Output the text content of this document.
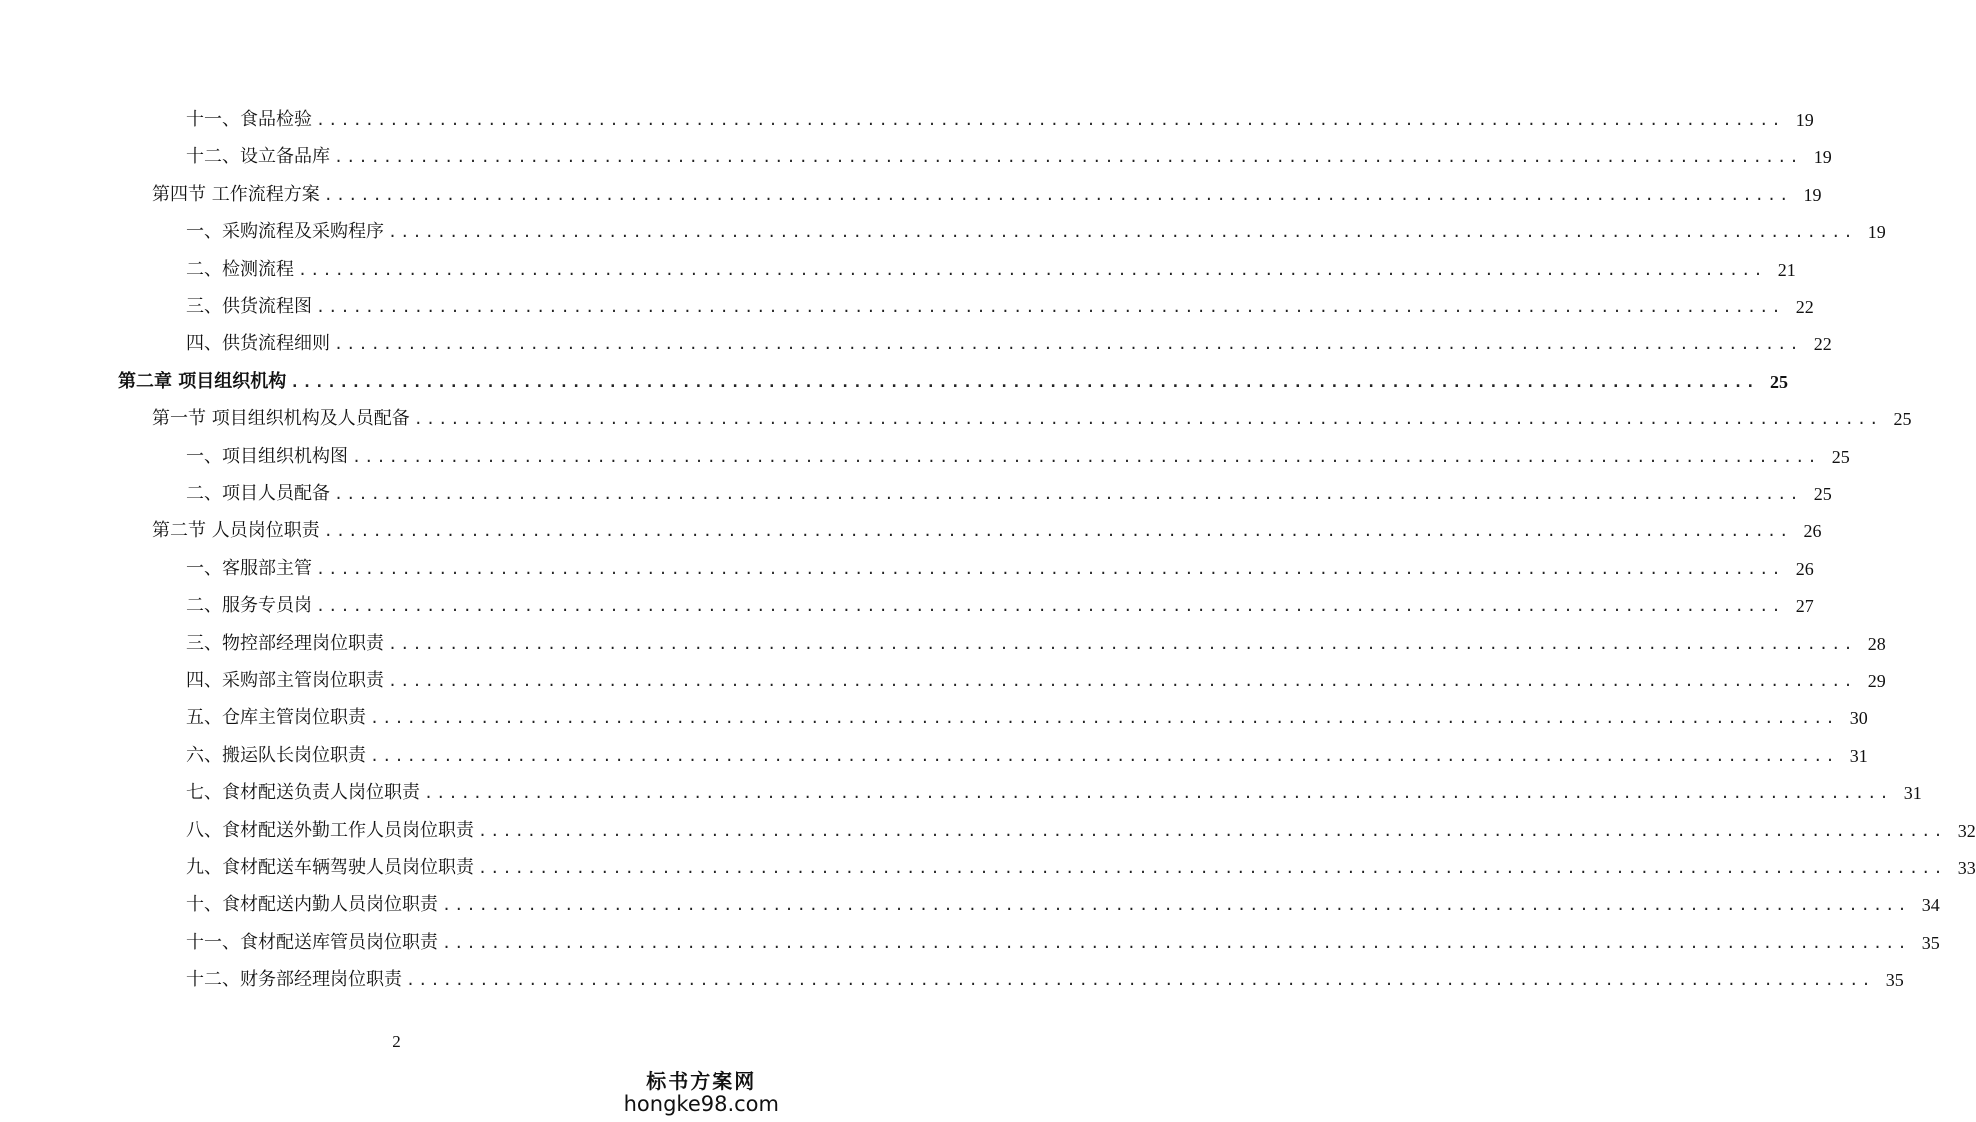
十一、食品检验 ........................................................................................................................ 19
十二、设立备品库 ........................................................................................................................ 19
第四节 工作流程方案 ........................................................................................................................ 19
一、采购流程及采购程序 ........................................................................................................................ 19
二、检测流程 ........................................................................................................................ 21
三、供货流程图 ........................................................................................................................ 22
四、供货流程细则 ........................................................................................................................ 22
第二章 项目组织机构 ........................................................................................................................ 25
第一节 项目组织机构及人员配备 ........................................................................................................................ 25
一、项目组织机构图 ........................................................................................................................ 25
二、项目人员配备 ........................................................................................................................ 25
第二节 人员岗位职责 ........................................................................................................................ 26
一、客服部主管 ........................................................................................................................ 26
二、服务专员岗 ........................................................................................................................ 27
三、物控部经理岗位职责 ........................................................................................................................ 28
四、采购部主管岗位职责 ........................................................................................................................ 29
五、仓库主管岗位职责 ........................................................................................................................ 30
六、搬运队长岗位职责 ........................................................................................................................ 31
七、食材配送负责人岗位职责 ........................................................................................................................ 31
八、食材配送外勤工作人员岗位职责 ........................................................................................................................ 32
九、食材配送车辆驾驶人员岗位职责 ........................................................................................................................ 33
十、食材配送内勤人员岗位职责 ........................................................................................................................ 34
十一、食材配送库管员岗位职责 ........................................................................................................................ 35
十二、财务部经理岗位职责 ........................................................................................................................ 35
2
标书方案网
hongke98.com
